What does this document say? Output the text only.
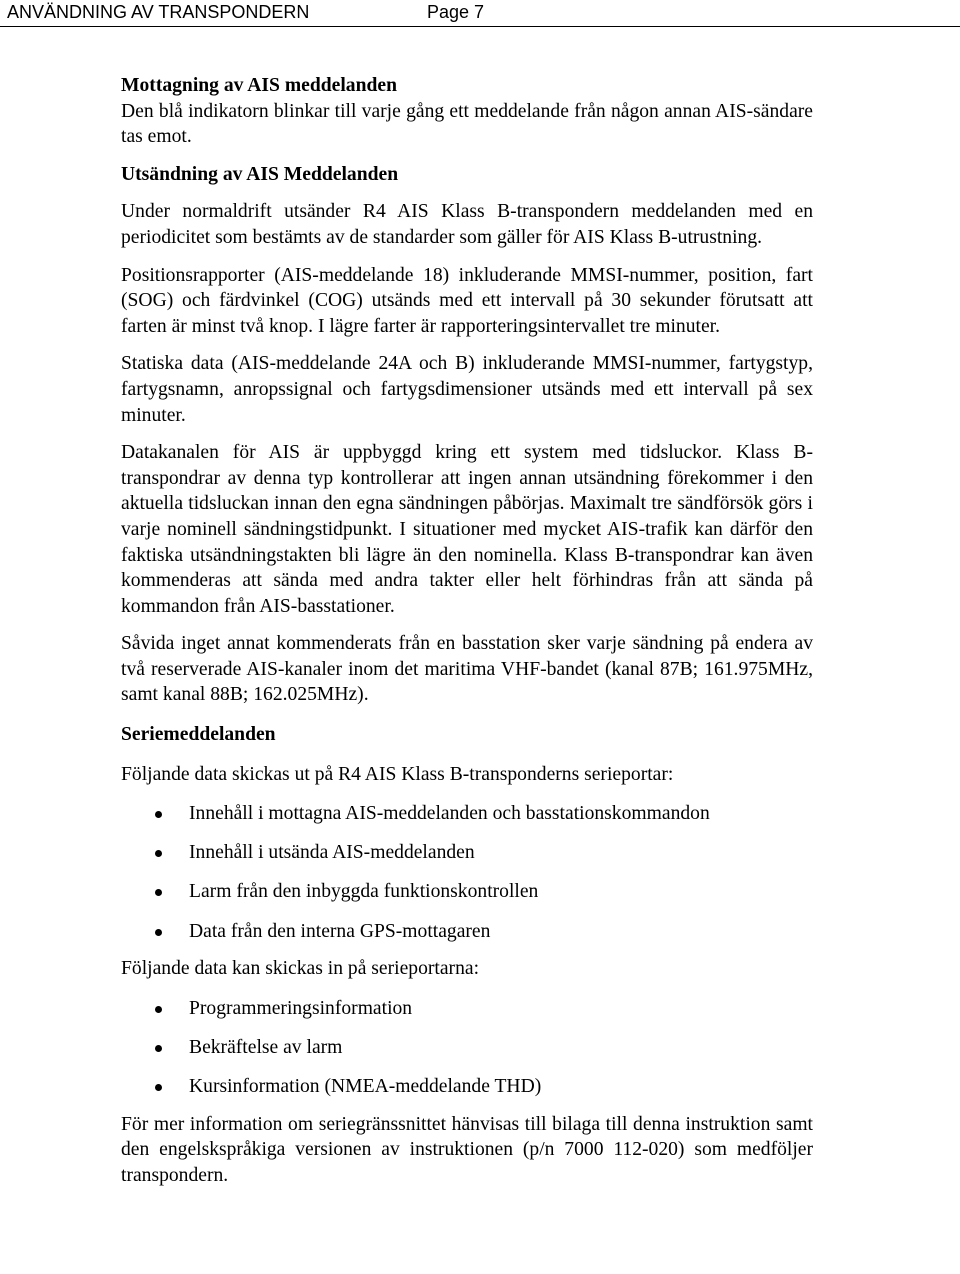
ANVÄNDNING AV TRANSPONDERN	Page 7
Mottagning av AIS meddelanden

Den blå indikatorn blinkar till varje gång ett meddelande från någon annan AIS-sändare tas emot.

Utsändning av AIS Meddelanden

Under normaldrift utsänder R4 AIS Klass B-transpondern meddelanden med en periodicitet som bestämts av de standarder som gäller för AIS Klass B-utrustning.

Positionsrapporter (AIS-meddelande 18) inkluderande MMSI-nummer, position, fart (SOG) och färdvinkel (COG) utsänds med ett intervall på 30 sekunder förutsatt att farten är minst två knop. I lägre farter är rapporteringsintervallet tre minuter.

Statiska data (AIS-meddelande 24A och B) inkluderande MMSI-nummer, fartygstyp, fartygsnamn, anropssignal och fartygsdimensioner utsänds med ett intervall på sex minuter.

Datakanalen för AIS är uppbyggd kring ett system med tidsluckor. Klass B-transpondrar av denna typ kontrollerar att ingen annan utsändning förekommer i den aktuella tidsluckan innan den egna sändningen påbörjas. Maximalt tre sändförsök görs i varje nominell sändningstidpunkt. I situationer med mycket AIS-trafik kan därför den faktiska utsändningstakten bli lägre än den nominella. Klass B-transpondrar kan även kommenderas att sända med andra takter eller helt förhindras från att sända på kommandon från AIS-basstationer.

Såvida inget annat kommenderats från en basstation sker varje sändning på endera av två reserverade AIS-kanaler inom det maritima VHF-bandet (kanal 87B; 161.975MHz, samt kanal 88B; 162.025MHz).

Seriemeddelanden

Följande data skickas ut på R4 AIS Klass B-transponderns serieportar:

Innehåll i mottagna AIS-meddelanden och basstationskommandon
Innehåll i utsända AIS-meddelanden
Larm från den inbyggda funktionskontrollen
Data från den interna GPS-mottagaren

Följande data kan skickas in på serieportarna:

Programmeringsinformation
Bekräftelse av larm
Kursinformation (NMEA-meddelande THD)

För mer information om seriegränssnittet hänvisas till bilaga till denna instruktion samt den engelskspråkiga versionen av instruktionen (p/n 7000 112-020) som medföljer transpondern.
